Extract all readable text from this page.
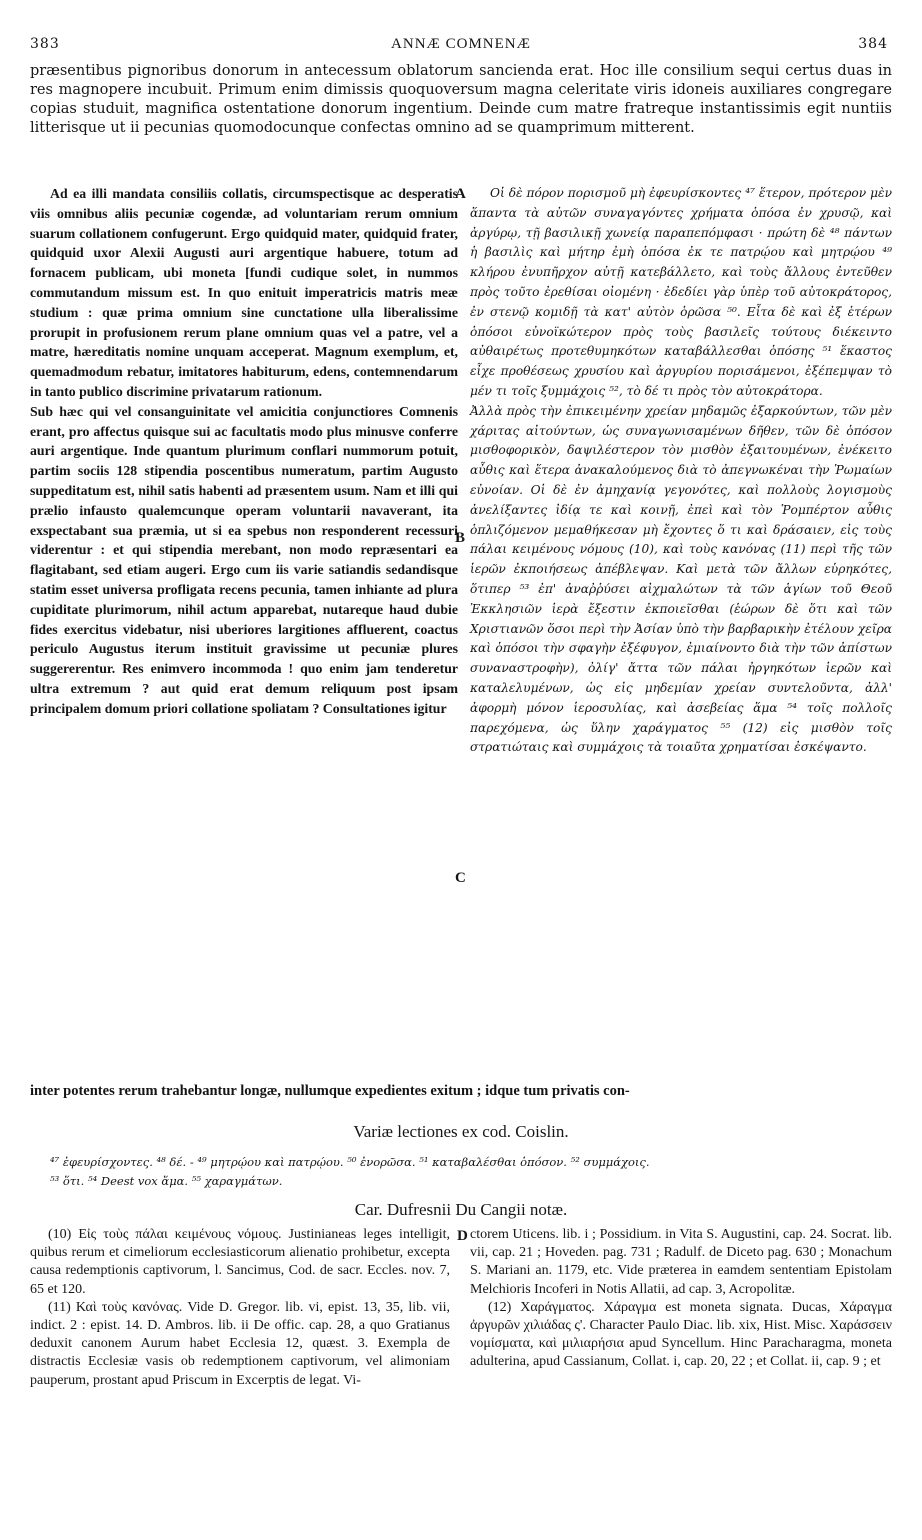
383	ANNÆ COMNENÆ	384
præsentibus pignoribus donorum in antecessum oblatorum sancienda erat. Hoc ille consilium sequi certus duas in res magnopere incubuit. Primum enim dimissis quoquoversum magna celeritate viris idoneis auxiliares congregare copias studuit, magnifica ostentatione donorum ingentium. Deinde cum matre fratreque instantissimis egit nuntiis litterisque ut ii pecunias quomodocunque confectas omnino ad se quamprimum mitterent.

Ad ea illi mandata consiliis collatis, circumspectisque ac desperatis viis omnibus aliis pecuniæ cogendæ, ad voluntariam rerum omnium suarum collationem confugerunt. Ergo quidquid mater, quidquid frater, quidquid uxor Alexii Augusti auri argentique habuere, totum ad fornacem publicam, ubi moneta [fundi cudique solet, in nummos commutandum missum est. In quo enituit imperatricis matris meæ studium : quæ prima omnium sine cunctatione ulla liberalissime prorupit in profusionem rerum plane omnium quas vel a patre, vel a matre, hæreditatis nomine unquam acceperat. Magnum exemplum, et, quemadmodum rebatur, imitatores habiturum, edens, contemnendarum in tanto publico discrimine privatarum rationum.

Sub hæc qui vel consanguinitate vel amicitia conjunctiores Comnenis erant, pro affectus quisque sui ac facultatis modo plus minusve conferre auri argentique. Inde quantum plurimum conflari nummorum potuit, partim sociis 128 stipendia poscentibus numeratum, partim Augusto suppeditatum est, nihil satis habenti ad præsentem usum. Nam et illi qui prælio infausto qualemcunque operam voluntarii navaverant, ita exspectabant sua præmia, ut si ea spebus non responderent recessuri viderentur : et qui stipendia merebant, non modo repræsentari ea flagitabant, sed etiam augeri. Ergo cum iis varie satiandis sedandisque statim esset universa profligata recens pecunia, tamen inhiante ad plura cupiditate plurimorum, nihil actum apparebat, nutareque haud dubie fides exercitus videbatur, nisi uberiores largitiones affluerent, coactus periculo Augustus iterum instituit gravissime ut pecuniæ plures suggererentur. Res enimvero incommoda ! quo enim jam tenderetur ultra extremum ? aut quid erat demum reliquum post ipsam principalem domum priori collatione spoliatam ? Consultationes igitur

Οἱ δὲ πόρον πορισμοῦ μὴ ἐφευρίσκοντες ⁴⁷ ἕτερον, πρότερον μὲν ἅπαντα τὰ αὐτῶν συναγαγόντες χρήματα ὁπόσα ἐν χρυσῷ, καὶ ἀργύρῳ, τῇ βασιλικῇ χωνείᾳ παραπεπόμφασι · πρώτη δὲ ⁴⁸ πάντων ἡ βασιλὶς καὶ μήτηρ ἐμὴ ὁπόσα ἐκ τε πατρῴου καὶ μητρῴου ⁴⁹ κλήρου ἐνυπῆρχον αὐτῇ κατεβάλλετο, καὶ τοὺς ἄλλους ἐντεῦθεν πρὸς τοῦτο ἐρεθίσαι οἰομένη · ἐδεδίει γὰρ ὑπὲρ τοῦ αὐτοκράτορος, ἐν στενῷ κομιδῇ τὰ κατ' αὐτὸν ὁρῶσα ⁵⁰. Εἶτα δὲ καὶ ἐξ ἑτέρων ὁπόσοι εὐνοϊκώτερον πρὸς τοὺς βασιλεῖς τούτους διέκειντο αὐθαιρέτως προτεθυμηκότων καταβάλλεσθαι ὁπόσης ⁵¹ ἕκαστος εἶχε προθέσεως χρυσίου καὶ ἀργυρίου πορισάμενοι, ἐξέπεμψαν τὸ μέν τι τοῖς ξυμμάχοις ⁵², τὸ δέ τι πρὸς τὸν αὐτοκράτορα.

Ἀλλὰ πρὸς τὴν ἐπικειμένην χρείαν μηδαμῶς ἐξαρκούντων, τῶν μὲν χάριτας αἰτούντων, ὡς συναγωνισαμένων δῆθεν, τῶν δὲ ὁπόσον μισθοφορικὸν, δαψιλέστερον τὸν μισθὸν ἐξαιτουμένων, ἐνέκειτο αὖθις καὶ ἕτερα ἀνακαλούμενος διὰ τὸ ἀπεγνωκέναι τὴν Ῥωμαίων εὐνοίαν. Οἱ δὲ ἐν ἀμηχανίᾳ γεγονότες, καὶ πολλοὺς λογισμοὺς ἀνελίξαντες ἰδίᾳ τε καὶ κοινῇ, ἐπεὶ καὶ τὸν Ῥομπέρτον αὖθις ὁπλιζόμενον μεμαθήκεσαν μὴ ἔχοντες ὅ τι καὶ δράσαιεν, εἰς τοὺς πάλαι κειμένους νόμους (10), καὶ τοὺς κανόνας (11) περὶ τῆς τῶν ἱερῶν ἐκποιήσεως ἀπέβλεψαν. Καὶ μετὰ τῶν ἄλλων εὑρηκότες, ὅτιπερ ⁵³ ἐπ' ἀναῤῥύσει αἰχμαλώτων τὰ τῶν ἁγίων τοῦ Θεοῦ Ἐκκλησιῶν ἱερὰ ἔξεστιν ἐκποιεῖσθαι (ἑώρων δὲ ὅτι καὶ τῶν Χριστιανῶν ὅσοι περὶ τὴν Ἀσίαν ὑπὸ τὴν βαρβαρικὴν ἐτέλουν χεῖρα καὶ ὁπόσοι τὴν σφαγὴν ἐξέφυγον, ἐμιαίνοντο διὰ τὴν τῶν ἀπίστων συναναστροφὴν), ὀλίγ' ἄττα τῶν πάλαι ἠργηκότων ἱερῶν καὶ καταλελυμένων, ὡς εἰς μηδεμίαν χρείαν συντελοῦντα, ἀλλ' ἀφορμὴ μόνον ἱεροσυλίας, καὶ ἀσεβείας ἅμα ⁵⁴ τοῖς πολλοῖς παρεχόμενα, ὡς ὕλην χαράγματος ⁵⁵ (12) εἰς μισθὸν τοῖς στρατιώταις καὶ συμμάχοις τὰ τοιαῦτα χρηματίσαι ἐσκέψαντο.

A
B
C
D
inter potentes rerum trahebantur longæ, nullumque expedientes exitum ; idque tum privatis con-
Variæ lectiones ex cod. Coislin.
⁴⁷ ἐφευρίσχοντες. ⁴⁸ δέ. - ⁴⁹ μητρῴου καὶ πατρῴου. ⁵⁰ ἐνορῶσα. ⁵¹ καταβαλέσθαι ὁπόσον. ⁵² συμμάχοις.
⁵³ ὅτι. ⁵⁴ Deest vox ἅμα. ⁵⁵ χαραγμάτων.
Car. Dufresnii Du Cangii notæ.

(10) Εἰς τοὺς πάλαι κειμένους νόμους. Justinianeas leges intelligit, quibus rerum et cimeliorum ecclesiasticorum alienatio prohibetur, excepta causa redemptionis captivorum, l. Sancimus, Cod. de sacr. Eccles. nov. 7, 65 et 120.

(11) Καὶ τοὺς κανόνας. Vide D. Gregor. lib. vi, epist. 13, 35, lib. vii, indict. 2 : epist. 14. D. Ambros. lib. ii De offic. cap. 28, a quo Gratianus deduxit canonem Aurum habet Ecclesia 12, quæst. 3. Exempla de distractis Ecclesiæ vasis ob redemptionem captivorum, vel alimoniam pauperum, prostant apud Priscum in Excerptis de legat. Vi-

ctorem Uticens. lib. i ; Possidium. in Vita S. Augustini, cap. 24. Socrat. lib. vii, cap. 21 ; Hoveden. pag. 731 ; Radulf. de Diceto pag. 630 ; Monachum S. Mariani an. 1179, etc. Vide præterea in eamdem sententiam Epistolam Melchioris Incoferi in Notis Allatii, ad cap. 3, Acropolitæ.

(12) Χαράγματος. Χάραγμα est moneta signata. Ducas, Χάραγμα ἀργυρῶν χιλιάδας ς'. Character Paulo Diac. lib. xix, Hist. Misc. Χαράσσειν νομίσματα, καὶ μιλιαρήσια apud Syncellum. Hinc Paracharagma, moneta adulterina, apud Cassianum, Collat. i, cap. 20, 22 ; et Collat. ii, cap. 9 ; et
